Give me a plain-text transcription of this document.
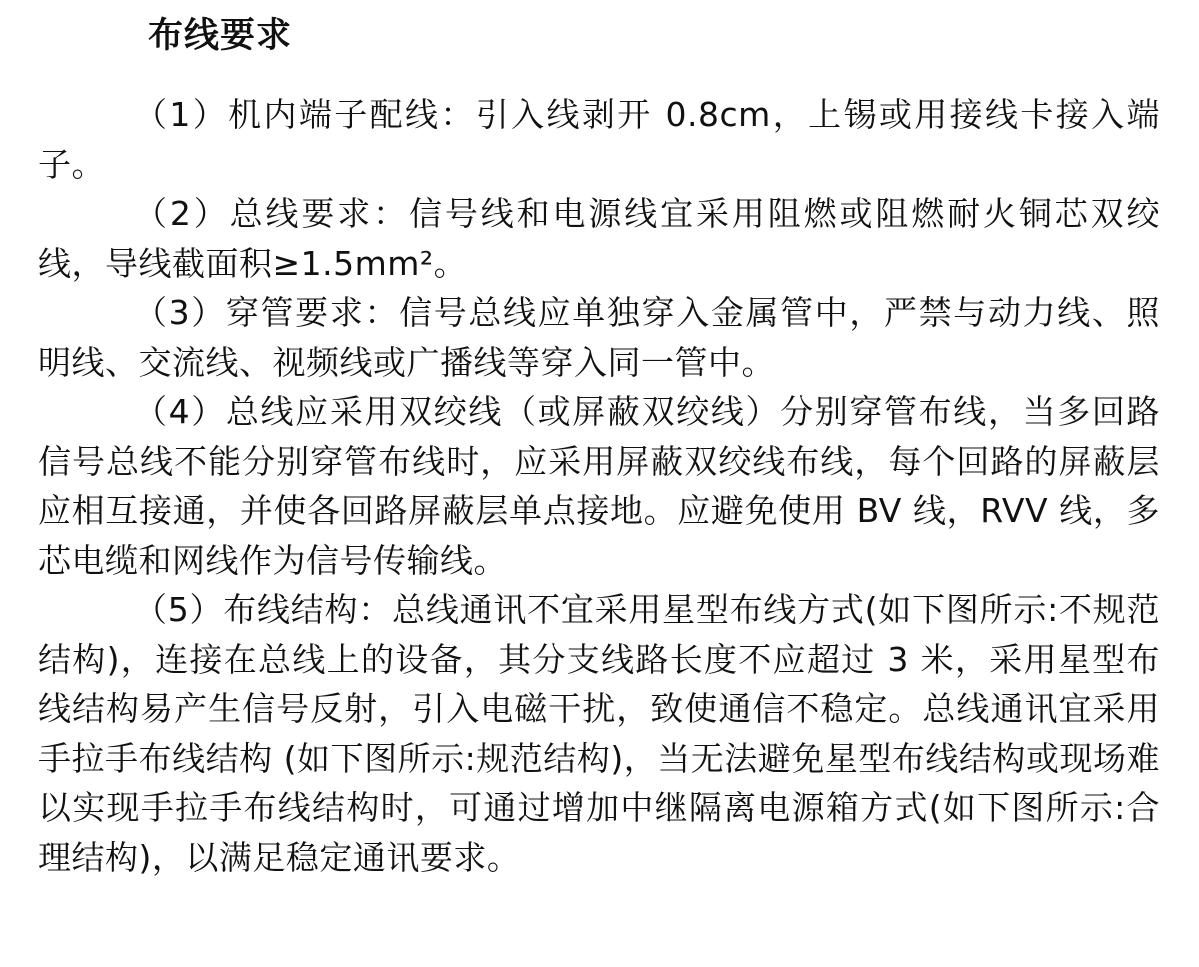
布线要求

（1）机内端子配线：引入线剥开 0.8cm，上锡或用接线卡接入端子。

（2）总线要求：信号线和电源线宜采用阻燃或阻燃耐火铜芯双绞线，导线截面积≥1.5mm²。

（3）穿管要求：信号总线应单独穿入金属管中，严禁与动力线、照明线、交流线、视频线或广播线等穿入同一管中。

（4）总线应采用双绞线（或屏蔽双绞线）分别穿管布线，当多回路信号总线不能分别穿管布线时，应采用屏蔽双绞线布线，每个回路的屏蔽层应相互接通，并使各回路屏蔽层单点接地。应避免使用 BV 线，RVV 线，多芯电缆和网线作为信号传输线。

（5）布线结构：总线通讯不宜采用星型布线方式(如下图所示:不规范结构)，连接在总线上的设备，其分支线路长度不应超过 3 米，采用星型布线结构易产生信号反射，引入电磁干扰，致使通信不稳定。总线通讯宜采用手拉手布线结构 (如下图所示:规范结构)，当无法避免星型布线结构或现场难以实现手拉手布线结构时，可通过增加中继隔离电源箱方式(如下图所示:合理结构)，以满足稳定通讯要求。
